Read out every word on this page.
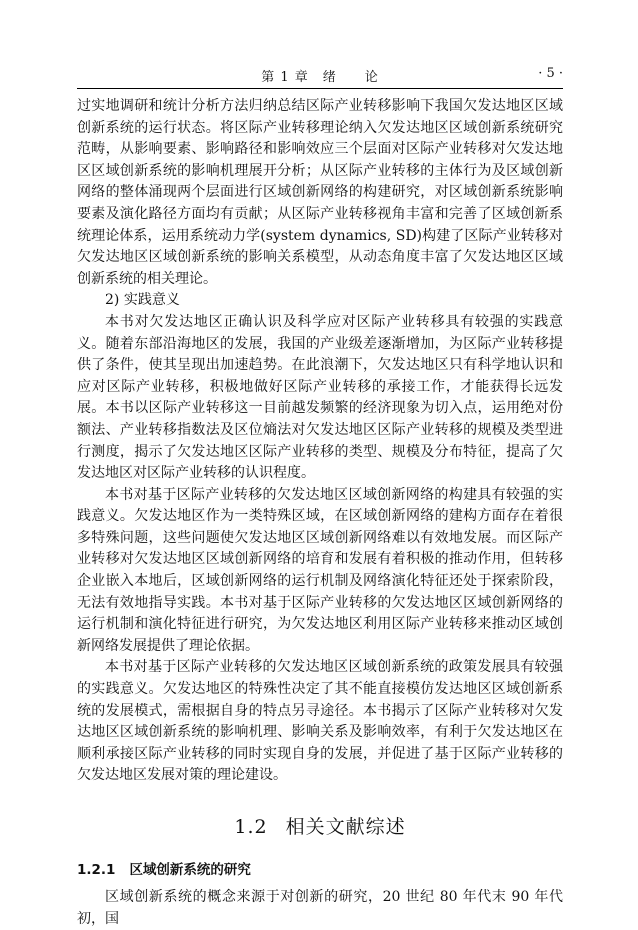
第 1 章　绪　　论	· 5 ·

过实地调研和统计分析方法归纳总结区际产业转移影响下我国欠发达地区区域创新系统的运行状态。将区际产业转移理论纳入欠发达地区区域创新系统研究范畴，从影响要素、影响路径和影响效应三个层面对区际产业转移对欠发达地区区域创新系统的影响机理展开分析；从区际产业转移的主体行为及区域创新网络的整体涌现两个层面进行区域创新网络的构建研究，对区域创新系统影响要素及演化路径方面均有贡献；从区际产业转移视角丰富和完善了区域创新系统理论体系，运用系统动力学(system dynamics, SD)构建了区际产业转移对欠发达地区区域创新系统的影响关系模型，从动态角度丰富了欠发达地区区域创新系统的相关理论。

2) 实践意义

本书对欠发达地区正确认识及科学应对区际产业转移具有较强的实践意义。随着东部沿海地区的发展，我国的产业级差逐渐增加，为区际产业转移提供了条件，使其呈现出加速趋势。在此浪潮下，欠发达地区只有科学地认识和应对区际产业转移，积极地做好区际产业转移的承接工作，才能获得长远发展。本书以区际产业转移这一目前越发频繁的经济现象为切入点，运用绝对份额法、产业转移指数法及区位熵法对欠发达地区区际产业转移的规模及类型进行测度，揭示了欠发达地区区际产业转移的类型、规模及分布特征，提高了欠发达地区对区际产业转移的认识程度。

本书对基于区际产业转移的欠发达地区区域创新网络的构建具有较强的实践意义。欠发达地区作为一类特殊区域，在区域创新网络的建构方面存在着很多特殊问题，这些问题使欠发达地区区域创新网络难以有效地发展。而区际产业转移对欠发达地区区域创新网络的培育和发展有着积极的推动作用，但转移企业嵌入本地后，区域创新网络的运行机制及网络演化特征还处于探索阶段，无法有效地指导实践。本书对基于区际产业转移的欠发达地区区域创新网络的运行机制和演化特征进行研究，为欠发达地区利用区际产业转移来推动区域创新网络发展提供了理论依据。

本书对基于区际产业转移的欠发达地区区域创新系统的政策发展具有较强的实践意义。欠发达地区的特殊性决定了其不能直接模仿发达地区区域创新系统的发展模式，需根据自身的特点另寻途径。本书揭示了区际产业转移对欠发达地区区域创新系统的影响机理、影响关系及影响效率，有利于欠发达地区在顺利承接区际产业转移的同时实现自身的发展，并促进了基于区际产业转移的欠发达地区发展对策的理论建设。

1.2 相关文献综述
1.2.1 区域创新系统的研究

区域创新系统的概念来源于对创新的研究，20 世纪 80 年代末 90 年代初，国
